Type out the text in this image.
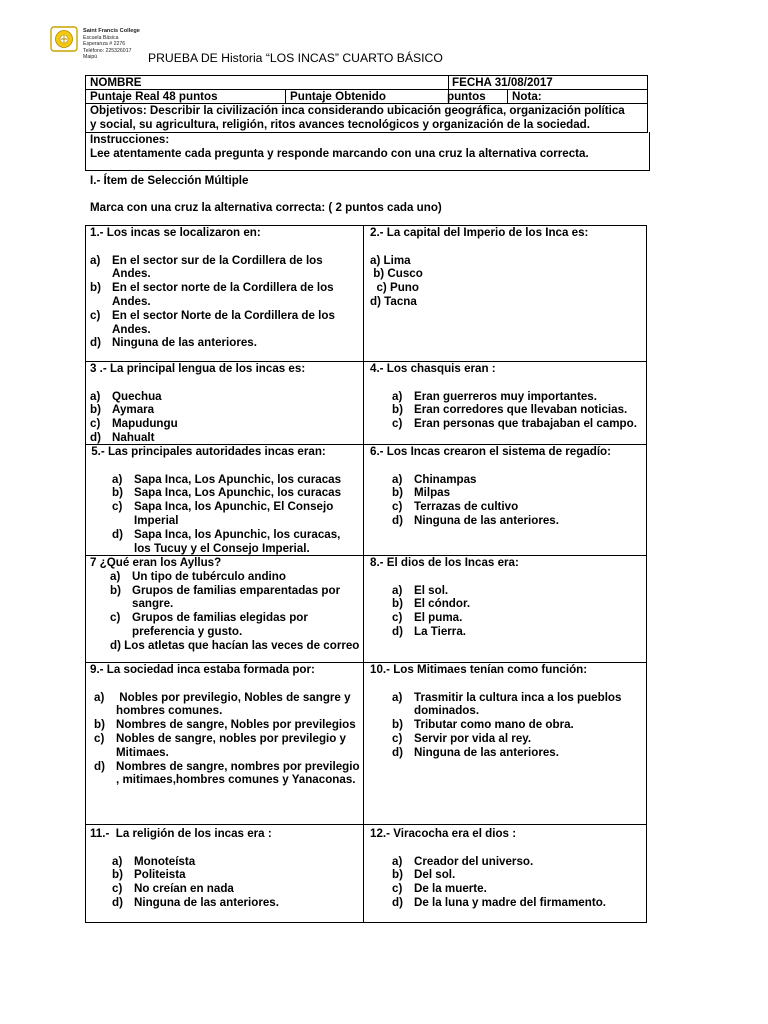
Saint Francis College
Escuela Básica
Esperanza # 2276
Teléfono: 225326017
Maipú	PRUEBA DE Historia “LOS INCAS” CUARTO BÁSICO
NOMBRE	FECHA 31/08/2017
Puntaje Real 48 puntos	Puntaje Obtenido	puntos Nota:
Objetivos: Describir la civilización inca considerando ubicación geográfica, organización política
y social, su agricultura, religión, ritos avances tecnológicos y organización de la sociedad.
Instrucciones:
Lee atentamente cada pregunta y responde marcando con una cruz la alternativa correcta.
I.- Ítem de Selección Múltiple
Marca con una cruz la alternativa correcta: ( 2 puntos cada uno)
1.- Los incas se localizaron en:
a)	En el sector sur de la Cordillera de los Andes.
b) En el sector norte de la Cordillera de los Andes.
c)	En el sector Norte de la Cordillera de los Andes.
d) Ninguna de las anteriores.
2.- La capital del Imperio de los Inca es:
a) Lima
b) Cusco
c) Puno
d) Tacna
3 .- La principal lengua de los incas es:
a)	Quechua
b) Aymara
c)	Mapudungu
d) Nahualt
4.- Los chasquis eran :
a)	Eran guerreros muy importantes.
b) Eran corredores que llevaban noticias.
c)	Eran personas que trabajaban el campo.
5.- Las principales autoridades incas eran:
a)	Sapa Inca, Los Apunchic, los curacas
b) Sapa Inca, Los Apunchic, los curacas
c)	Sapa Inca, los Apunchic, El Consejo Imperial
d) Sapa Inca, los Apunchic, los curacas, los Tucuy y el Consejo Imperial.
6.- Los Incas crearon el sistema de regadío:
a)	Chinampas
b) Milpas
c)	Terrazas de cultivo
d) Ninguna de las anteriores.
7 ¿Qué eran los Ayllus?
a)	Un tipo de tubérculo andino
b) Grupos de familias emparentadas por sangre.
c)	Grupos de familias elegidas por preferencia y gusto.
d) Los atletas que hacían las veces de correo
8.- El dios de los Incas era:
a)	El sol.
b) El cóndor.
c)	El puma.
d) La Tierra.
9.- La sociedad inca estaba formada por:
a)	Nobles por previlegio, Nobles de sangre y hombres comunes.
b) Nombres de sangre, Nobles por previlegios
c)	Nobles de sangre, nobles por previlegio y Mitimaes.
d) Nombres de sangre, nombres por previlegio , mitimaes,hombres comunes y Yanaconas.
10.- Los Mitimaes tenían como función:
a)	Trasmitir la cultura inca a los pueblos dominados.
b) Tributar como mano de obra.
c)	Servir por vida al rey.
d) Ninguna de las anteriores.
11.-  La religión de los incas era :
a)	Monoteísta
b) Politeista
c)	No creían en nada
d) Ninguna de las anteriores.
12.- Viracocha era el dios :
a)	Creador del universo.
b) Del sol.
c)	De la muerte.
d) De la luna y madre del firmamento.
